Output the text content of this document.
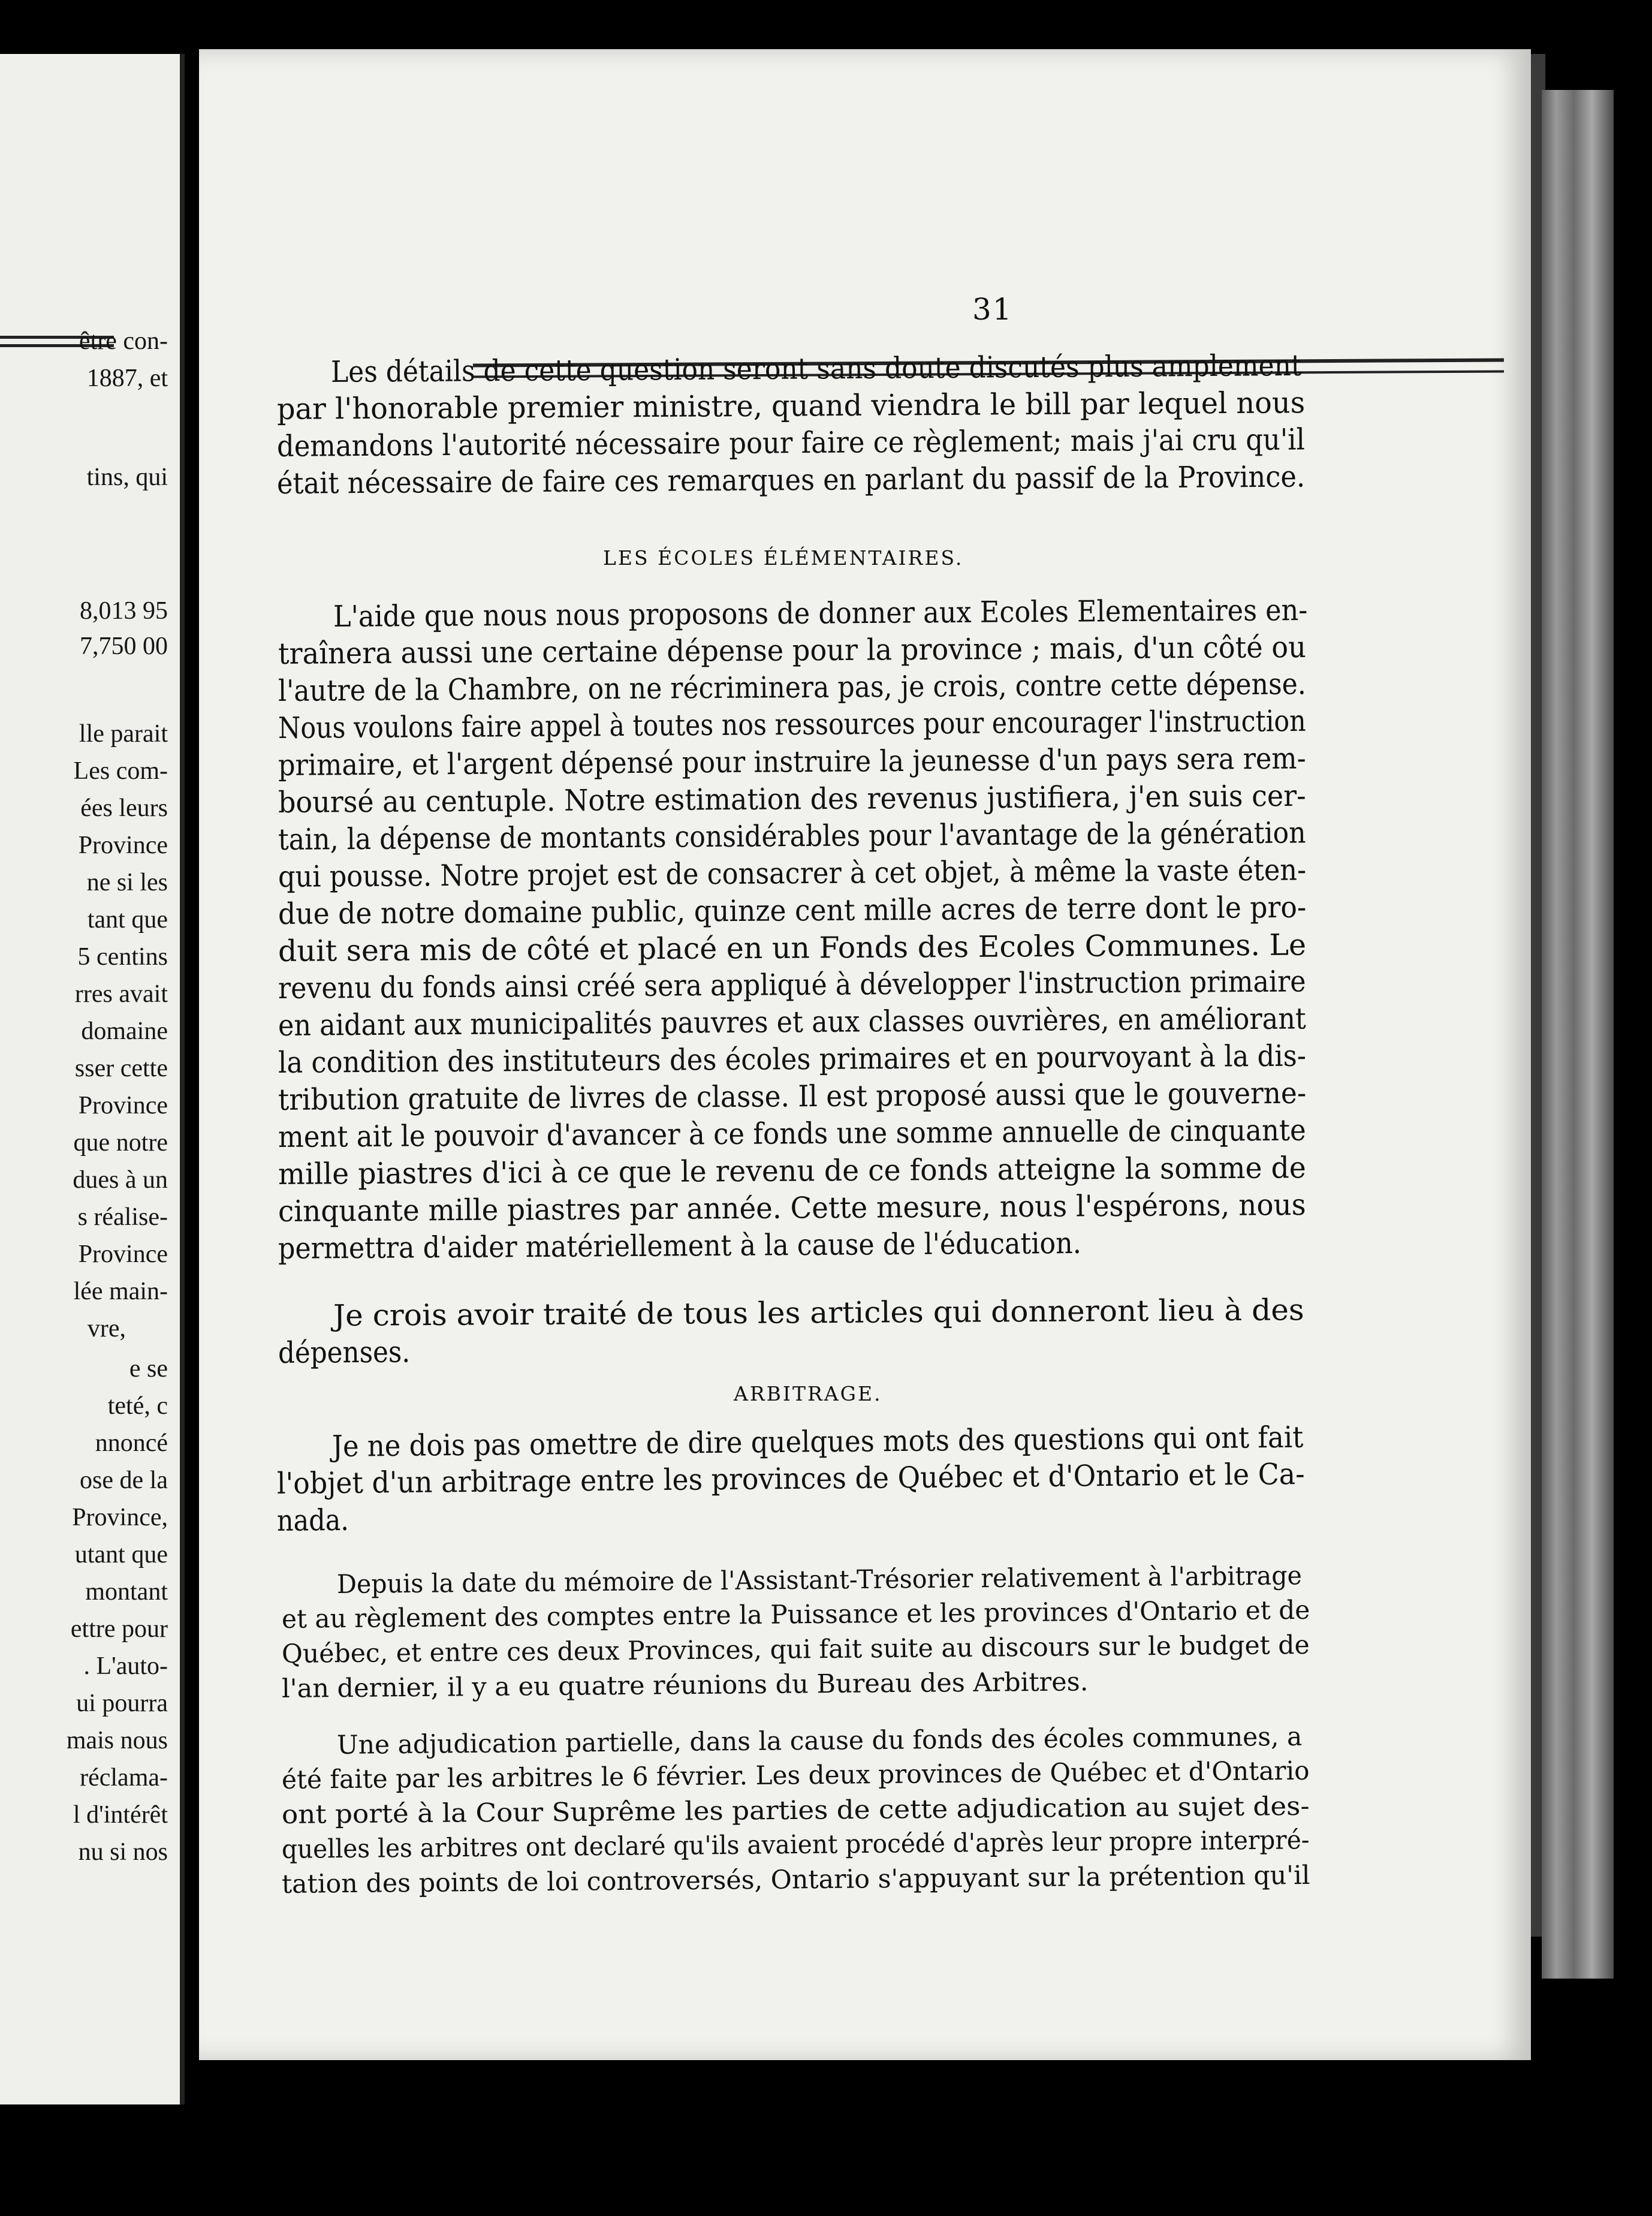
être con-
1887, et
tins, qui
8,013 95
7,750 00
lle parait
Les com-
ées leurs
Province
ne si les
tant que
5 centins
rres avait
domaine
sser cette
Province
que notre
dues à un
s réalise-
Province
lée main-
vre,
e se
teté, c
nnoncé
ose de la
Province,
utant que
montant
ettre pour
. L'auto-
ui pourra
mais nous
réclama-
l d'intérêt
nu si nos
31
Les détails de cette question seront sans doute discutés plus amplement
par l'honorable premier ministre, quand viendra le bill par lequel nous
demandons l'autorité nécessaire pour faire ce règlement; mais j'ai cru qu'il
était nécessaire de faire ces remarques en parlant du passif de la Province.
LES ÉCOLES ÉLÉMENTAIRES.
L'aide que nous nous proposons de donner aux Ecoles Elementaires en-
traînera aussi une certaine dépense pour la province ; mais, d'un côté ou
l'autre de la Chambre, on ne récriminera pas, je crois, contre cette dépense.
Nous voulons faire appel à toutes nos ressources pour encourager l'instruction
primaire, et l'argent dépensé pour instruire la jeunesse d'un pays sera rem-
boursé au centuple. Notre estimation des revenus justifiera, j'en suis cer-
tain, la dépense de montants considérables pour l'avantage de la génération
qui pousse. Notre projet est de consacrer à cet objet, à même la vaste éten-
due de notre domaine public, quinze cent mille acres de terre dont le pro-
duit sera mis de côté et placé en un Fonds des Ecoles Communes. Le
revenu du fonds ainsi créé sera appliqué à développer l'instruction primaire
en aidant aux municipalités pauvres et aux classes ouvrières, en améliorant
la condition des instituteurs des écoles primaires et en pourvoyant à la dis-
tribution gratuite de livres de classe. Il est proposé aussi que le gouverne-
ment ait le pouvoir d'avancer à ce fonds une somme annuelle de cinquante
mille piastres d'ici à ce que le revenu de ce fonds atteigne la somme de
cinquante mille piastres par année. Cette mesure, nous l'espérons, nous
permettra d'aider matériellement à la cause de l'éducation.
Je crois avoir traité de tous les articles qui donneront lieu à des
dépenses.
ARBITRAGE.
Je ne dois pas omettre de dire quelques mots des questions qui ont fait
l'objet d'un arbitrage entre les provinces de Québec et d'Ontario et le Ca-
nada.
Depuis la date du mémoire de l'Assistant-Trésorier relativement à l'arbitrage
et au règlement des comptes entre la Puissance et les provinces d'Ontario et de
Québec, et entre ces deux Provinces, qui fait suite au discours sur le budget de
l'an dernier, il y a eu quatre réunions du Bureau des Arbitres.
Une adjudication partielle, dans la cause du fonds des écoles communes, a
été faite par les arbitres le 6 février. Les deux provinces de Québec et d'Ontario
ont porté à la Cour Suprême les parties de cette adjudication au sujet des-
quelles les arbitres ont declaré qu'ils avaient procédé d'après leur propre interpré-
tation des points de loi controversés, Ontario s'appuyant sur la prétention qu'il
